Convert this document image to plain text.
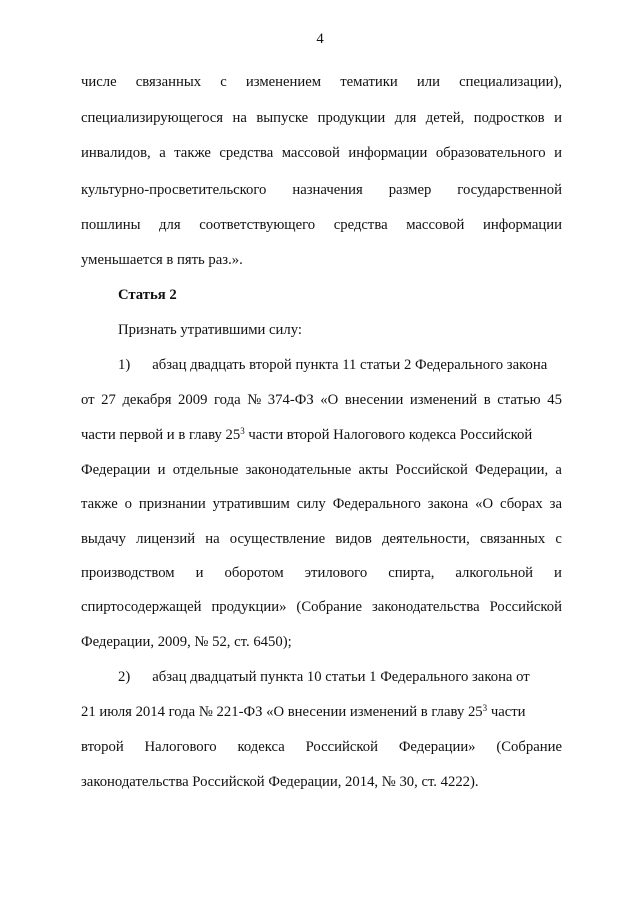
4
числе связанных с изменением тематики или специализации),
специализирующегося на выпуске продукции для детей, подростков и
инвалидов, а также средства массовой информации образовательного и
культурно-просветительского назначения размер государственной
пошлины для соответствующего средства массовой информации
уменьшается в пять раз.».
Статья 2
Признать утратившими силу:
1) абзац двадцать второй пункта 11 статьи 2 Федерального закона
от 27 декабря 2009 года № 374-ФЗ «О внесении изменений в статью 45
части первой и в главу $25^3$ части второй Налогового кодекса Российской
Федерации и отдельные законодательные акты Российской Федерации, а
также о признании утратившим силу Федерального закона «О сборах за
выдачу лицензий на осуществление видов деятельности, связанных с
производством и оборотом этилового спирта, алкогольной и
спиртосодержащей продукции» (Собрание законодательства Российской
Федерации, 2009, № 52, ст. 6450);
2) абзац двадцатый пункта 10 статьи 1 Федерального закона от
21 июля 2014 года № 221-ФЗ «О внесении изменений в главу $25^3$ части
второй Налогового кодекса Российской Федерации» (Собрание
законодательства Российской Федерации, 2014, № 30, ст. 4222).
